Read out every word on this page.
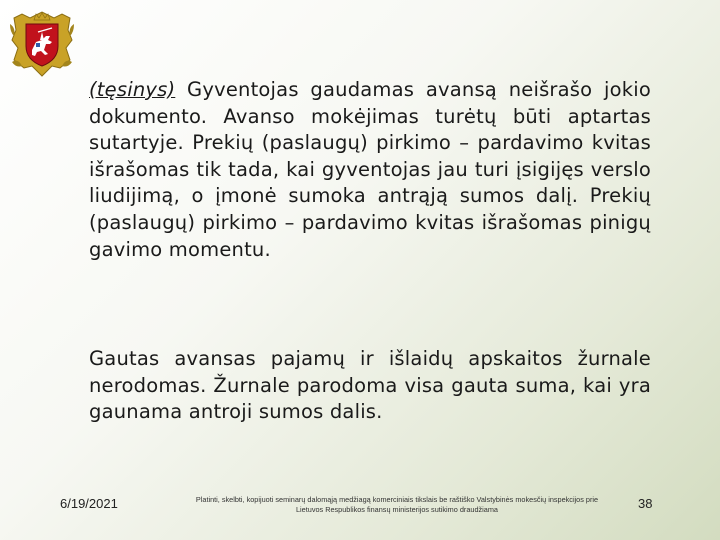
(tęsinys) Gyventojas gaudamas avansą neišrašo jokio dokumento. Avanso mokėjimas turėtų būti aptartas sutartyje. Prekių (paslaugų) pirkimo – pardavimo kvitas išrašomas tik tada, kai gyventojas jau turi įsigijęs verslo liudijimą, o įmonė sumoka antrąją sumos dalį. Prekių (paslaugų) pirkimo – pardavimo kvitas išrašomas pinigų gavimo momentu.

Gautas avansas pajamų ir išlaidų apskaitos žurnale nerodomas. Žurnale parodoma visa gauta suma, kai yra gaunama antroji sumos dalis.

6/19/2021	Platinti, skelbti, kopijuoti seminarų dalomąją medžiagą komerciniais tikslais be raštiško Valstybinės mokesčių inspekcijos prie Lietuvos Respublikos finansų ministerijos sutikimo draudžiama	38
